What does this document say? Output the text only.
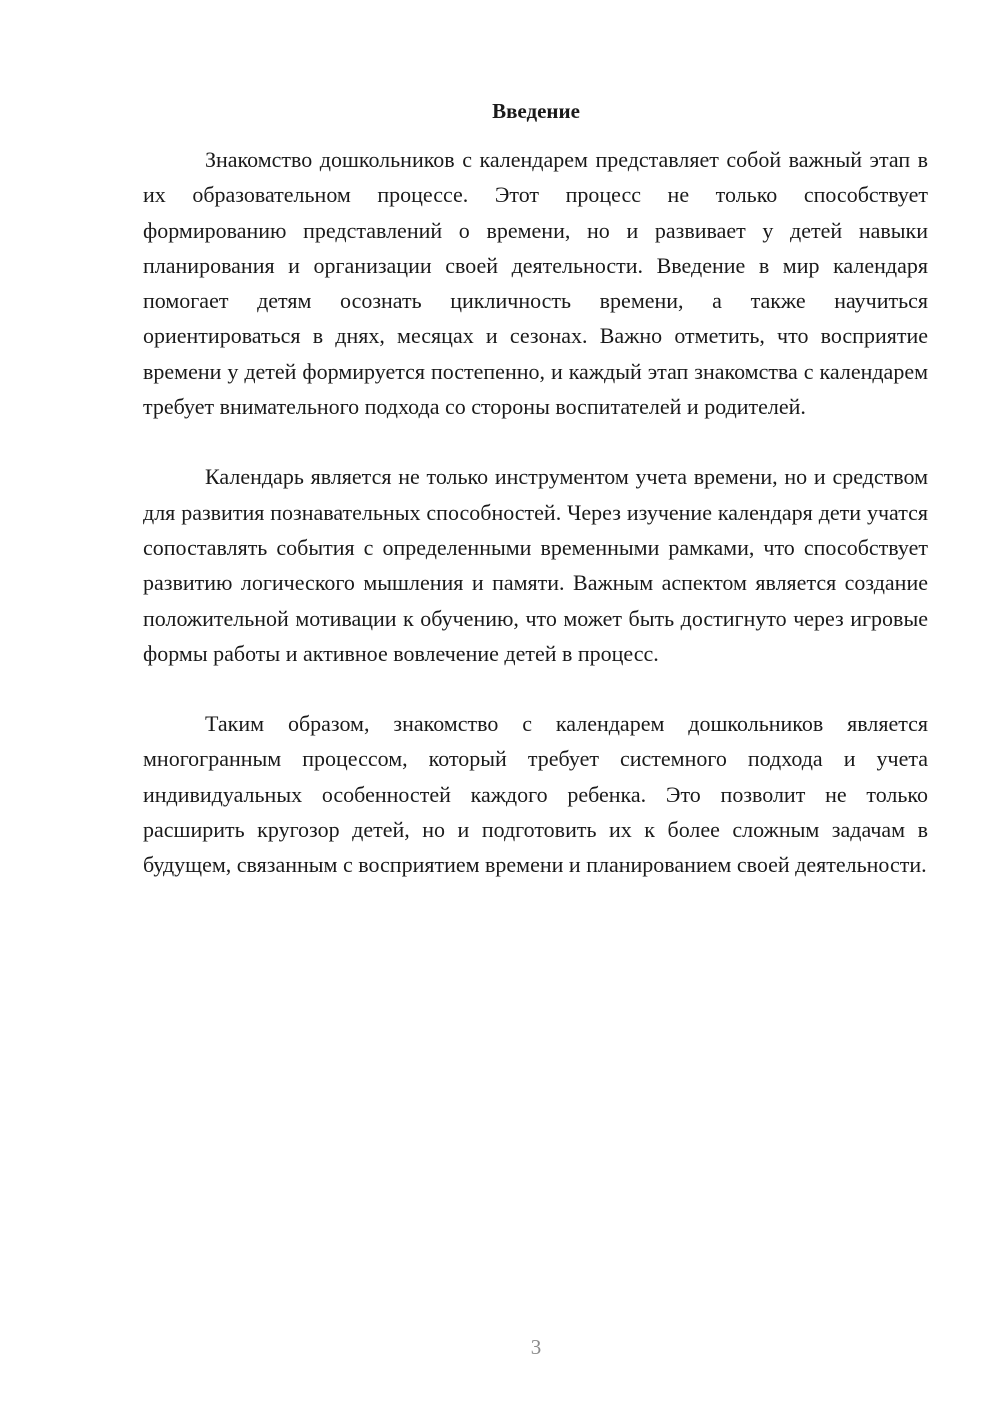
Введение

Знакомство дошкольников с календарем представляет собой важный этап в их образовательном процессе. Этот процесс не только способствует формированию представлений о времени, но и развивает у детей навыки планирования и организации своей деятельности. Введение в мир календаря помогает детям осознать цикличность времени, а также научиться ориентироваться в днях, месяцах и сезонах. Важно отметить, что восприятие времени у детей формируется постепенно, и каждый этап знакомства с календарем требует внимательного подхода со стороны воспитателей и родителей.

Календарь является не только инструментом учета времени, но и средством для развития познавательных способностей. Через изучение календаря дети учатся сопоставлять события с определенными временными рамками, что способствует развитию логического мышления и памяти. Важным аспектом является создание положительной мотивации к обучению, что может быть достигнуто через игровые формы работы и активное вовлечение детей в процесс.

Таким образом, знакомство с календарем дошкольников является многогранным процессом, который требует системного подхода и учета индивидуальных особенностей каждого ребенка. Это позволит не только расширить кругозор детей, но и подготовить их к более сложным задачам в будущем, связанным с восприятием времени и планированием своей деятельности.

3
